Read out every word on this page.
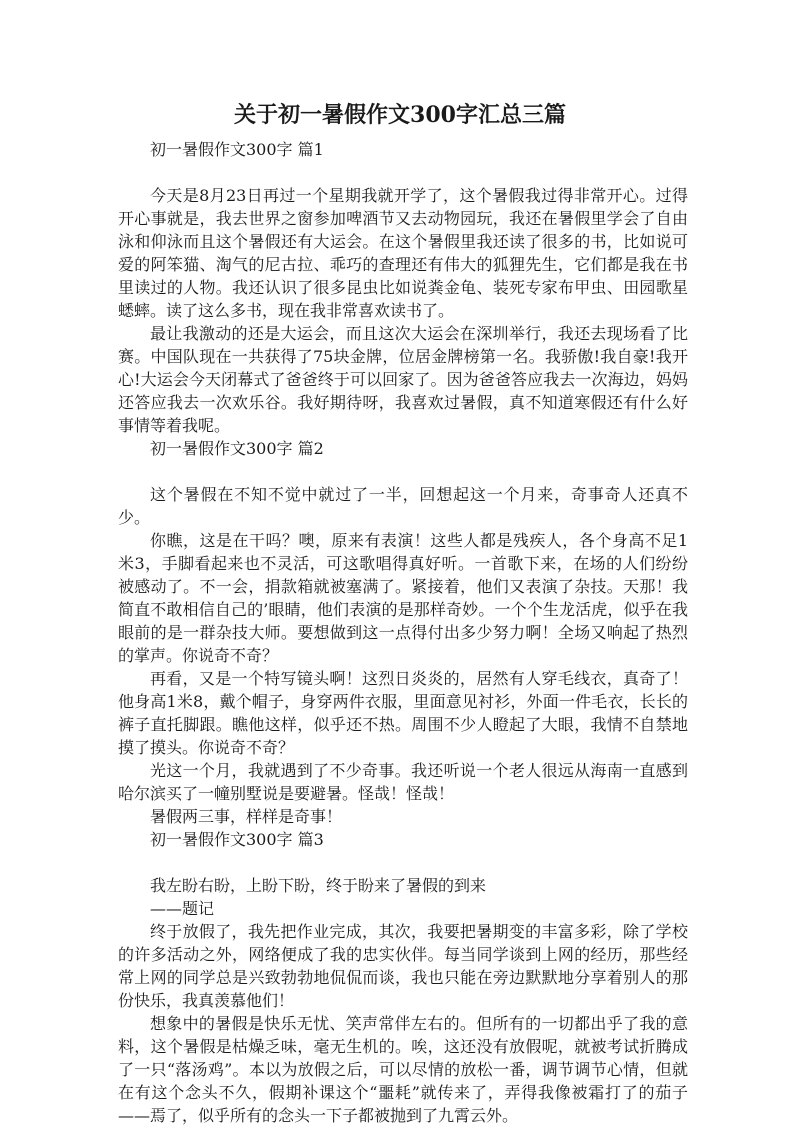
关于初一暑假作文300字汇总三篇

初一暑假作文300字 篇1

今天是8月23日再过一个星期我就开学了，这个暑假我过得非常开心。过得开心事就是，我去世界之窗参加啤酒节又去动物园玩，我还在暑假里学会了自由泳和仰泳而且这个暑假还有大运会。在这个暑假里我还读了很多的书，比如说可爱的阿笨猫、淘气的尼古拉、乖巧的查理还有伟大的狐狸先生，它们都是我在书里读过的人物。我还认识了很多昆虫比如说粪金龟、装死专家布甲虫、田园歌星蟋蟀。读了这么多书，现在我非常喜欢读书了。

最让我激动的还是大运会，而且这次大运会在深圳举行，我还去现场看了比赛。中国队现在一共获得了75块金牌，位居金牌榜第一名。我骄傲!我自豪!我开心!大运会今天闭幕式了爸爸终于可以回家了。因为爸爸答应我去一次海边，妈妈还答应我去一次欢乐谷。我好期待呀，我喜欢过暑假，真不知道寒假还有什么好事情等着我呢。

初一暑假作文300字 篇2

这个暑假在不知不觉中就过了一半，回想起这一个月来，奇事奇人还真不少。

你瞧，这是在干吗？噢，原来有表演！这些人都是残疾人，各个身高不足1米3，手脚看起来也不灵活，可这歌唱得真好听。一首歌下来，在场的人们纷纷被感动了。不一会，捐款箱就被塞满了。紧接着，他们又表演了杂技。天那！我简直不敢相信自己的’眼睛，他们表演的是那样奇妙。一个个生龙活虎，似乎在我眼前的是一群杂技大师。要想做到这一点得付出多少努力啊！全场又响起了热烈的掌声。你说奇不奇？

再看，又是一个特写镜头啊！这烈日炎炎的，居然有人穿毛线衣，真奇了！他身高1米8，戴个帽子，身穿两件衣服，里面意见衬衫，外面一件毛衣，长长的裤子直托脚跟。瞧他这样，似乎还不热。周围不少人瞪起了大眼，我情不自禁地摸了摸头。你说奇不奇？

光这一个月，我就遇到了不少奇事。我还听说一个老人很远从海南一直感到哈尔滨买了一幢别墅说是要避暑。怪哉！怪哉！

暑假两三事，样样是奇事！

初一暑假作文300字 篇3

我左盼右盼，上盼下盼，终于盼来了暑假的到来

——题记

终于放假了，我先把作业完成，其次，我要把暑期变的丰富多彩，除了学校的许多活动之外，网络便成了我的忠实伙伴。每当同学谈到上网的经历，那些经常上网的同学总是兴致勃勃地侃侃而谈，我也只能在旁边默默地分享着别人的那份快乐，我真羡慕他们！

想象中的暑假是快乐无忧、笑声常伴左右的。但所有的一切都出乎了我的意料，这个暑假是枯燥乏味，毫无生机的。唉，这还没有放假呢，就被考试折腾成了一只“落汤鸡”。本以为放假之后，可以尽情的放松一番，调节调节心情，但就在有这个念头不久，假期补课这个“噩耗”就传来了，弄得我像被霜打了的茄子——焉了，似乎所有的念头一下子都被抛到了九霄云外。
